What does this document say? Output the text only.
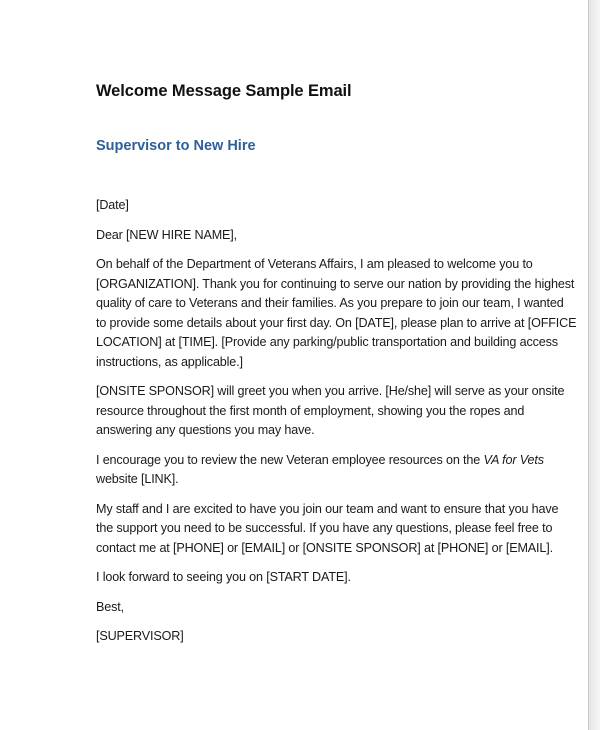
Welcome Message Sample Email
Supervisor to New Hire

[Date]

Dear [NEW HIRE NAME],

On behalf of the Department of Veterans Affairs, I am pleased to welcome you to
[ORGANIZATION]. Thank you for continuing to serve our nation by providing the highest
quality of care to Veterans and their families. As you prepare to join our team, I wanted
to provide some details about your first day. On [DATE], please plan to arrive at [OFFICE
LOCATION] at [TIME]. [Provide any parking/public transportation and building access
instructions, as applicable.]

[ONSITE SPONSOR] will greet you when you arrive. [He/she] will serve as your onsite
resource throughout the first month of employment, showing you the ropes and
answering any questions you may have.

I encourage you to review the new Veteran employee resources on the VA for Vets
website [LINK].

My staff and I are excited to have you join our team and want to ensure that you have
the support you need to be successful. If you have any questions, please feel free to
contact me at [PHONE] or [EMAIL] or [ONSITE SPONSOR] at [PHONE] or [EMAIL].

I look forward to seeing you on [START DATE].

Best,

[SUPERVISOR]
